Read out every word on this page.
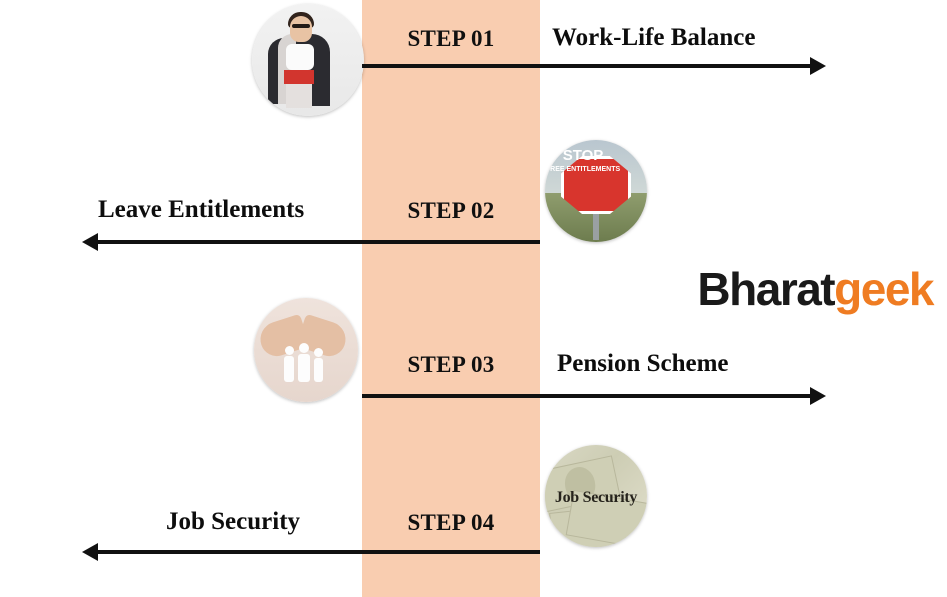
STEP 01	Work-Life Balance
STOP
FREE ENTITLEMENTS
STEP 02
Leave Entitlements
STEP 03	Pension Scheme
Job Security
STEP 04
Job Security
Bharatgeek
